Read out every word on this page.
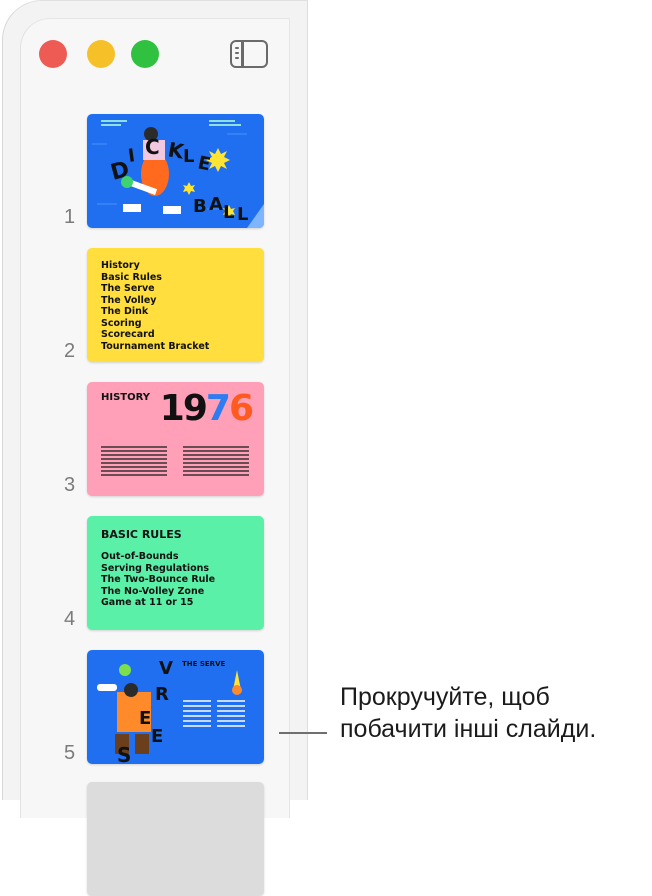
1
D
I C K
L E
B A L L
2
History
Basic Rules
The Serve
The Volley
The Dink
Scoring
Scorecard
Tournament Bracket
3
HISTORY 1976
4
BASIC RULES
Out-of-Bounds
Serving Regulations
The Two-Bounce Rule
The No-Volley Zone
Game at 11 or 15
5
THE SERVE
S
E
R
V
E
Прокручуйте, щоб
побачити інші слайди.
